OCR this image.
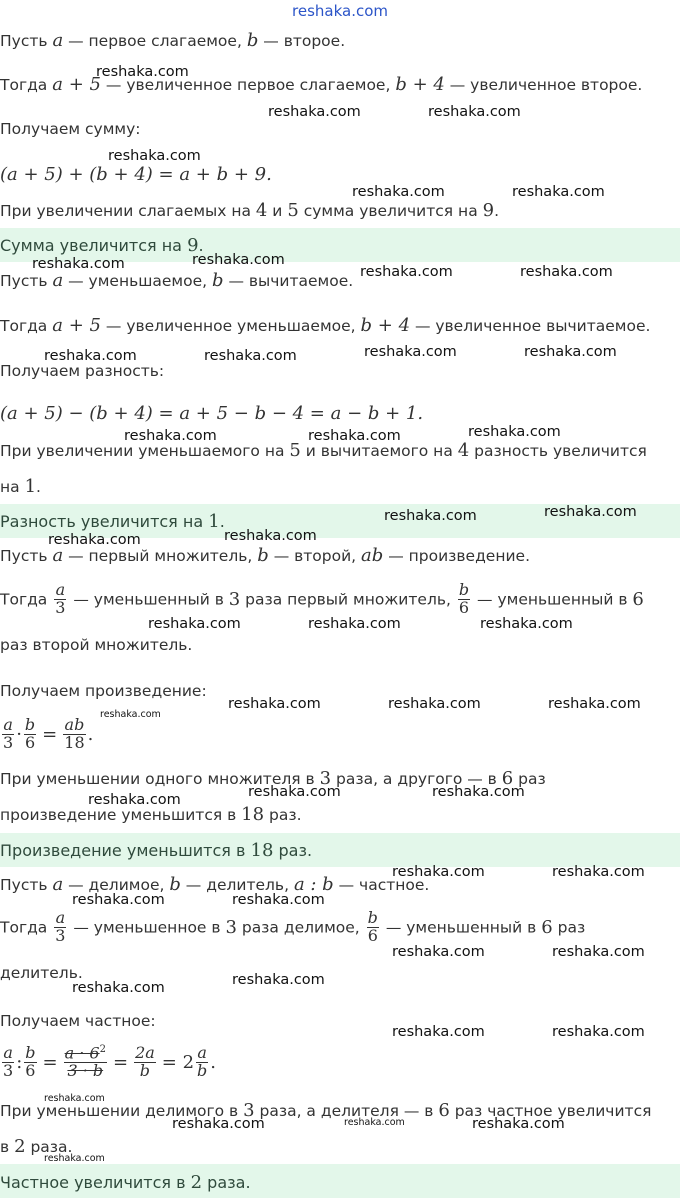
reshaka.com
Пусть a — первое слагаемое, b — второе.
Тогда a + 5 — увеличенное первое слагаемое, b + 4 — увеличенное второе.
Получаем сумму:
(a + 5) + (b + 4) = a + b + 9.
При увеличении слагаемых на 4 и 5 сумма увеличится на 9.
Сумма увеличится на 9.
Пусть a — уменьшаемое, b — вычитаемое.
Тогда a + 5 — увеличенное уменьшаемое, b + 4 — увеличенное вычитаемое.
Получаем разность:
(a + 5) − (b + 4) = a + 5 − b − 4 = a − b + 1.
При увеличении уменьшаемого на 5 и вычитаемого на 4 разность увеличится
на 1.
Разность увеличится на 1.
Пусть a — первый множитель, b — второй, ab — произведение.
Тогда $\frac{a}{3}$ — уменьшенный в 3 раза первый множитель, $\frac{b}{6}$ — уменьшенный в 6
раз второй множитель.
Получаем произведение:
$\frac{a}{3} \cdot \frac{b}{6} = \frac{ab}{18}$ .
При уменьшении одного множителя в 3 раза, а другого — в 6 раз
произведение уменьшится в 18 раз.
Произведение уменьшится в 18 раз.
Пусть a — делимое, b — делитель, a : b — частное.
Тогда $\frac{a}{3}$ — уменьшенное в 3 раза делимое, $\frac{b}{6}$ — уменьшенный в 6 раз
делитель.
Получаем частное:
$\frac{a}{3}$ : $\frac{b}{6} = \frac{a \cdot 6^2}{3 \cdot b} = \frac{2a}{b} = 2 \frac{a}{b}$ .
При уменьшении делимого в 3 раза, а делителя — в 6 раз частное увеличится
в 2 раза.
Частное увеличится в 2 раза.
reshaka.com
reshaka.com	reshaka.com
reshaka.com
reshaka.com	reshaka.com
reshaka.com	reshaka.com
reshaka.com	reshaka.com
reshaka.com	reshaka.com	reshaka.com	reshaka.com
reshaka.com	reshaka.com	reshaka.com
reshaka.com	reshaka.com
reshaka.com	reshaka.com
reshaka.com	reshaka.com	reshaka.com
reshaka.com	reshaka.com	reshaka.com
reshaka.com
reshaka.com	reshaka.com
reshaka.com
reshaka.com	reshaka.com
reshaka.com	reshaka.com
reshaka.com	reshaka.com
reshaka.com
reshaka.com
reshaka.com	reshaka.com
reshaka.com
reshaka.com	reshaka.com	reshaka.com
reshaka.com
